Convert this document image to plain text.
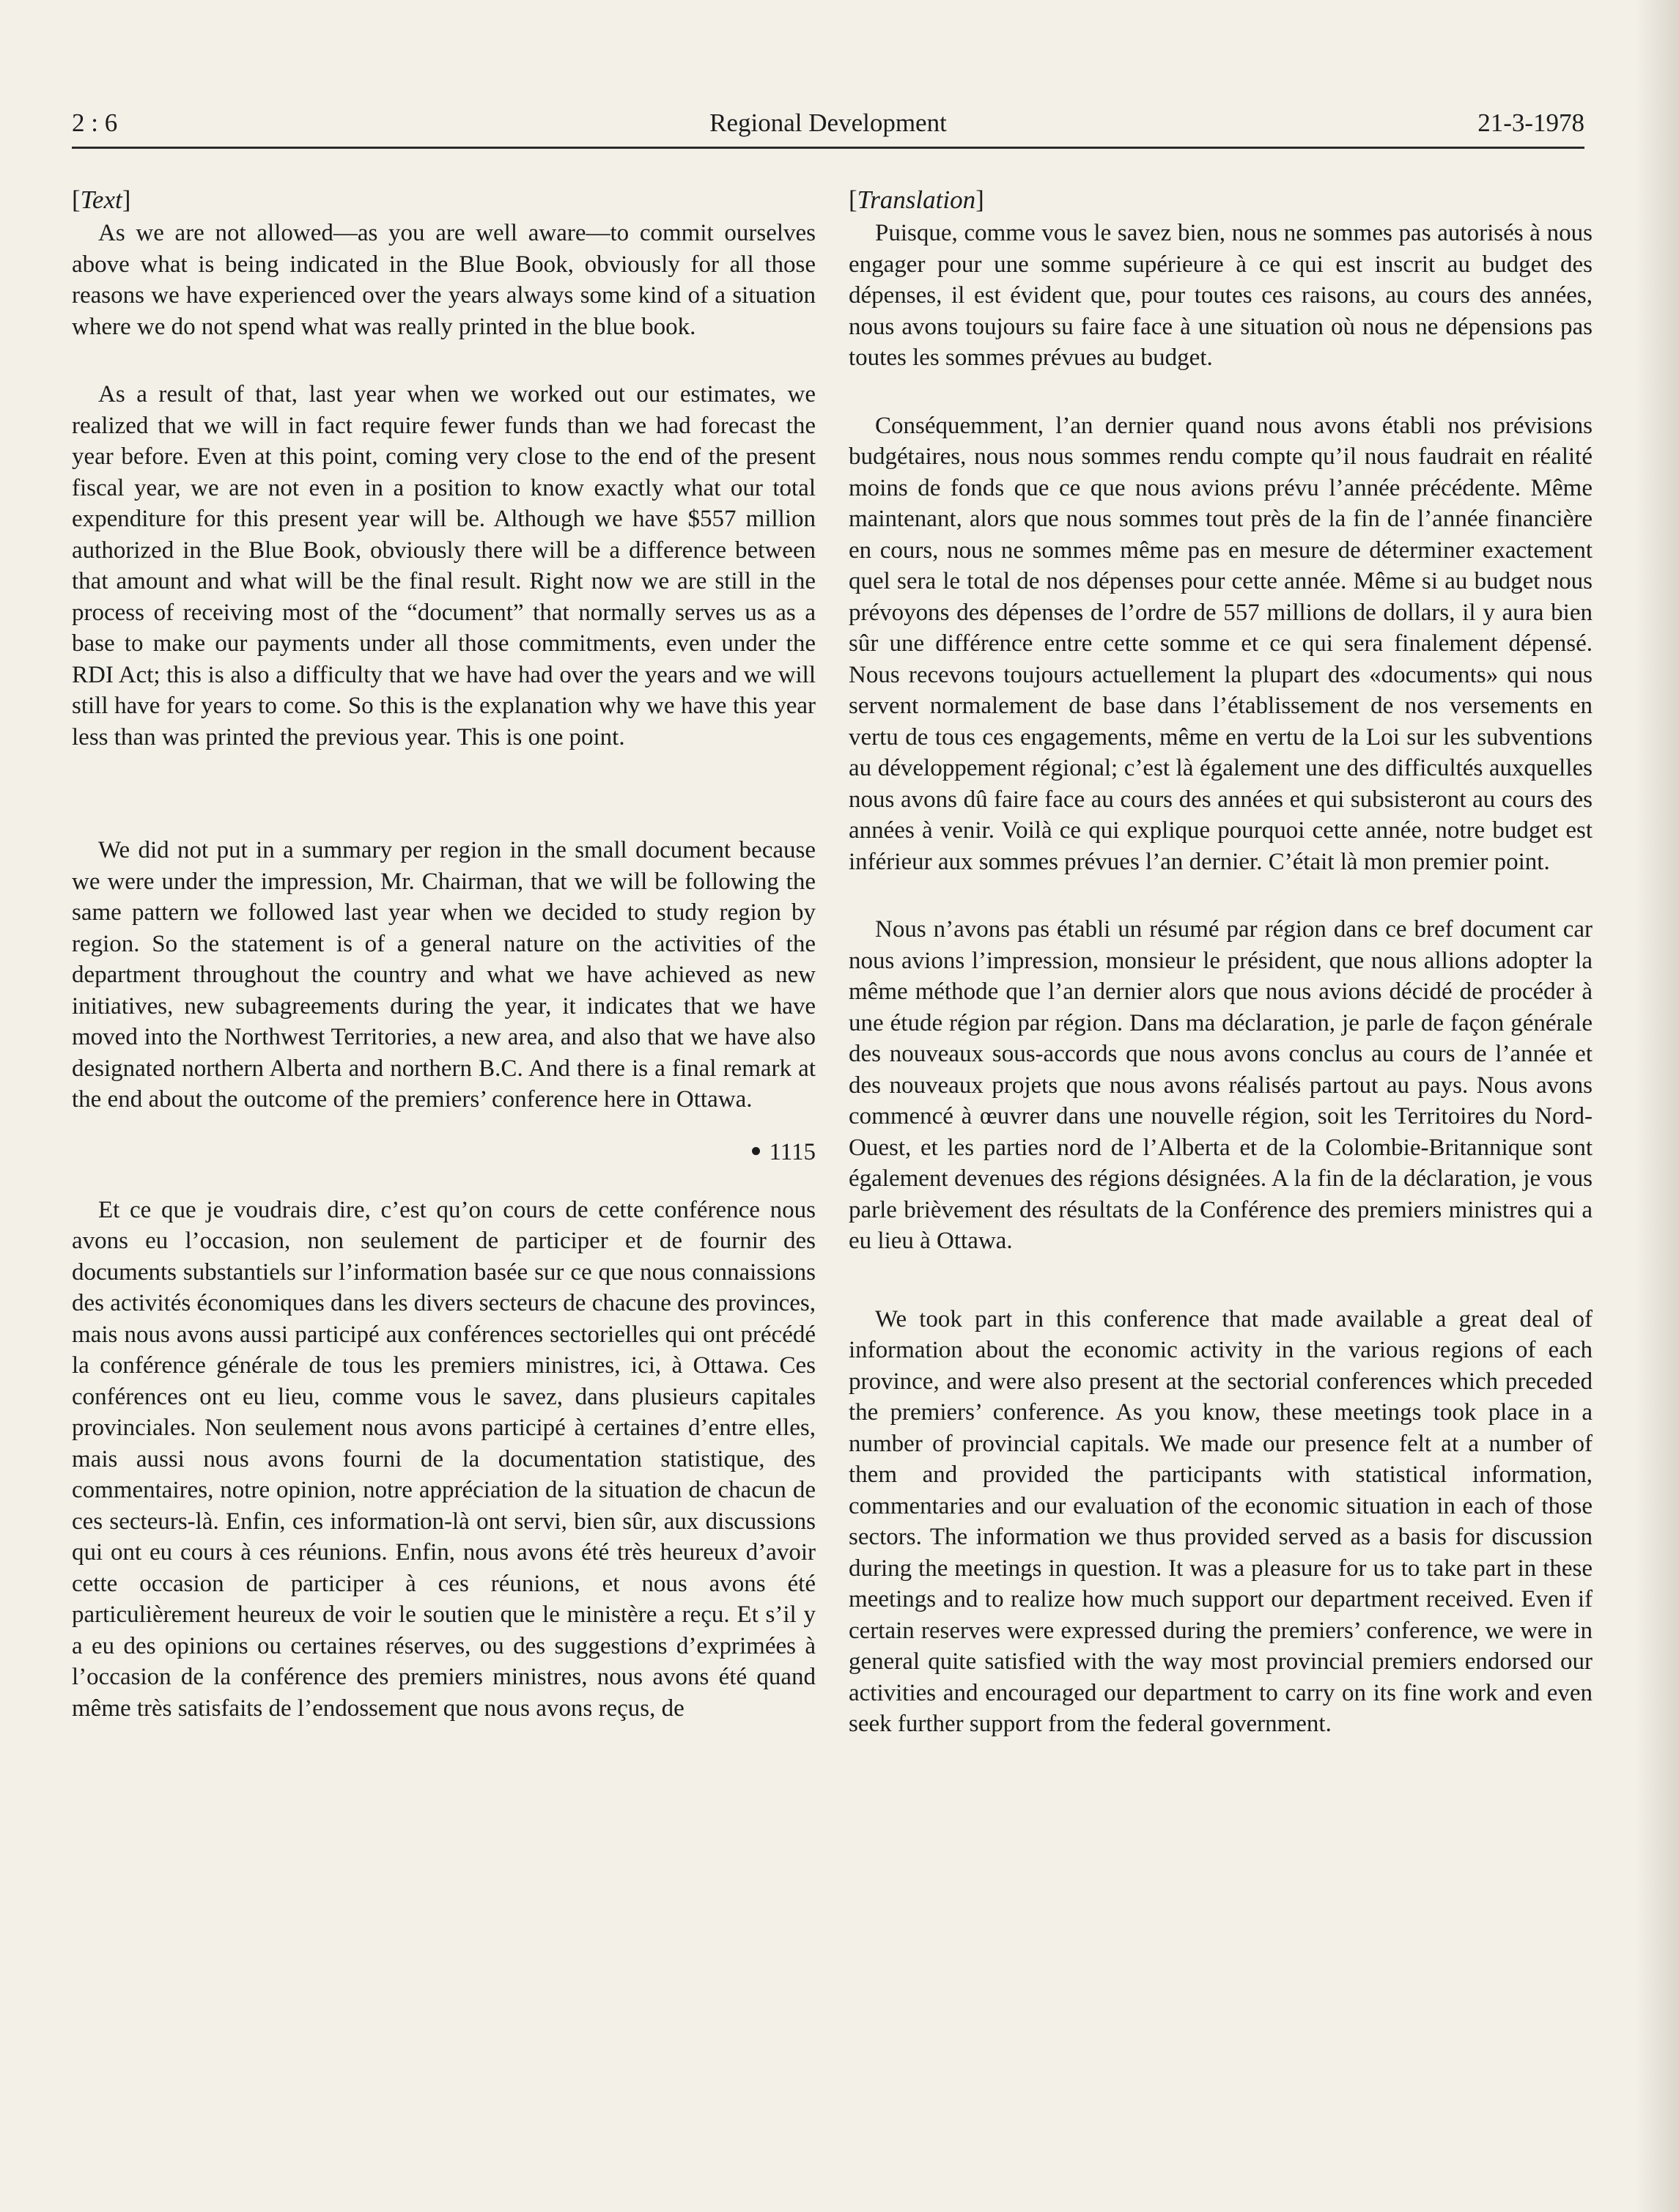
2 : 6	Regional Development	21-3-1978
[Text]

As we are not allowed—as you are well aware—to commit ourselves above what is being indicated in the Blue Book, obviously for all those reasons we have experienced over the years always some kind of a situation where we do not spend what was really printed in the blue book.

As a result of that, last year when we worked out our estimates, we realized that we will in fact require fewer funds than we had forecast the year before. Even at this point, coming very close to the end of the present fiscal year, we are not even in a position to know exactly what our total expenditure for this present year will be. Although we have $557 million authorized in the Blue Book, obviously there will be a difference between that amount and what will be the final result. Right now we are still in the process of receiving most of the “document” that normally serves us as a base to make our payments under all those commitments, even under the RDI Act; this is also a difficulty that we have had over the years and we will still have for years to come. So this is the explanation why we have this year less than was printed the previous year. This is one point.

We did not put in a summary per region in the small document because we were under the impression, Mr. Chairman, that we will be following the same pattern we followed last year when we decided to study region by region. So the statement is of a general nature on the activities of the department throughout the country and what we have achieved as new initiatives, new subagreements during the year, it indicates that we have moved into the Northwest Territories, a new area, and also that we have also designated northern Alberta and northern B.C. And there is a final remark at the end about the outcome of the premiers’ conference here in Ottawa.

1115

Et ce que je voudrais dire, c’est qu’on cours de cette conférence nous avons eu l’occasion, non seulement de participer et de fournir des documents substantiels sur l’information basée sur ce que nous connaissions des activités économiques dans les divers secteurs de chacune des provinces, mais nous avons aussi participé aux conférences sectorielles qui ont précédé la conférence générale de tous les premiers ministres, ici, à Ottawa. Ces conférences ont eu lieu, comme vous le savez, dans plusieurs capitales provinciales. Non seulement nous avons participé à certaines d’entre elles, mais aussi nous avons fourni de la documentation statistique, des commentaires, notre opinion, notre appréciation de la situation de chacun de ces secteurs-là. Enfin, ces information-là ont servi, bien sûr, aux discussions qui ont eu cours à ces réunions. Enfin, nous avons été très heureux d’avoir cette occasion de participer à ces réunions, et nous avons été particulièrement heureux de voir le soutien que le ministère a reçu. Et s’il y a eu des opinions ou certaines réserves, ou des suggestions d’exprimées à l’occasion de la conférence des premiers ministres, nous avons été quand même très satisfaits de l’endossement que nous avons reçus, de

[Translation]

Puisque, comme vous le savez bien, nous ne sommes pas autorisés à nous engager pour une somme supérieure à ce qui est inscrit au budget des dépenses, il est évident que, pour toutes ces raisons, au cours des années, nous avons toujours su faire face à une situation où nous ne dépensions pas toutes les sommes prévues au budget.

Conséquemment, l’an dernier quand nous avons établi nos prévisions budgétaires, nous nous sommes rendu compte qu’il nous faudrait en réalité moins de fonds que ce que nous avions prévu l’année précédente. Même maintenant, alors que nous sommes tout près de la fin de l’année financière en cours, nous ne sommes même pas en mesure de déterminer exactement quel sera le total de nos dépenses pour cette année. Même si au budget nous prévoyons des dépenses de l’ordre de 557 millions de dollars, il y aura bien sûr une différence entre cette somme et ce qui sera finalement dépensé. Nous recevons toujours actuellement la plupart des «documents» qui nous servent normalement de base dans l’établissement de nos versements en vertu de tous ces engagements, même en vertu de la Loi sur les subventions au développement régional; c’est là également une des difficultés auxquelles nous avons dû faire face au cours des années et qui subsisteront au cours des années à venir. Voilà ce qui explique pourquoi cette année, notre budget est inférieur aux sommes prévues l’an dernier. C’était là mon premier point.

Nous n’avons pas établi un résumé par région dans ce bref document car nous avions l’impression, monsieur le président, que nous allions adopter la même méthode que l’an dernier alors que nous avions décidé de procéder à une étude région par région. Dans ma déclaration, je parle de façon générale des nouveaux sous-accords que nous avons conclus au cours de l’année et des nouveaux projets que nous avons réalisés partout au pays. Nous avons commencé à œuvrer dans une nouvelle région, soit les Territoires du Nord-Ouest, et les parties nord de l’Alberta et de la Colombie-Britannique sont également devenues des régions désignées. A la fin de la déclaration, je vous parle brièvement des résultats de la Conférence des premiers ministres qui a eu lieu à Ottawa.

We took part in this conference that made available a great deal of information about the economic activity in the various regions of each province, and were also present at the sectorial conferences which preceded the premiers’ conference. As you know, these meetings took place in a number of provincial capitals. We made our presence felt at a number of them and provided the participants with statistical information, commentaries and our evaluation of the economic situation in each of those sectors. The information we thus provided served as a basis for discussion during the meetings in question. It was a pleasure for us to take part in these meetings and to realize how much support our department received. Even if certain reserves were expressed during the premiers’ conference, we were in general quite satisfied with the way most provincial premiers endorsed our activities and encouraged our department to carry on its fine work and even seek further support from the federal government.
